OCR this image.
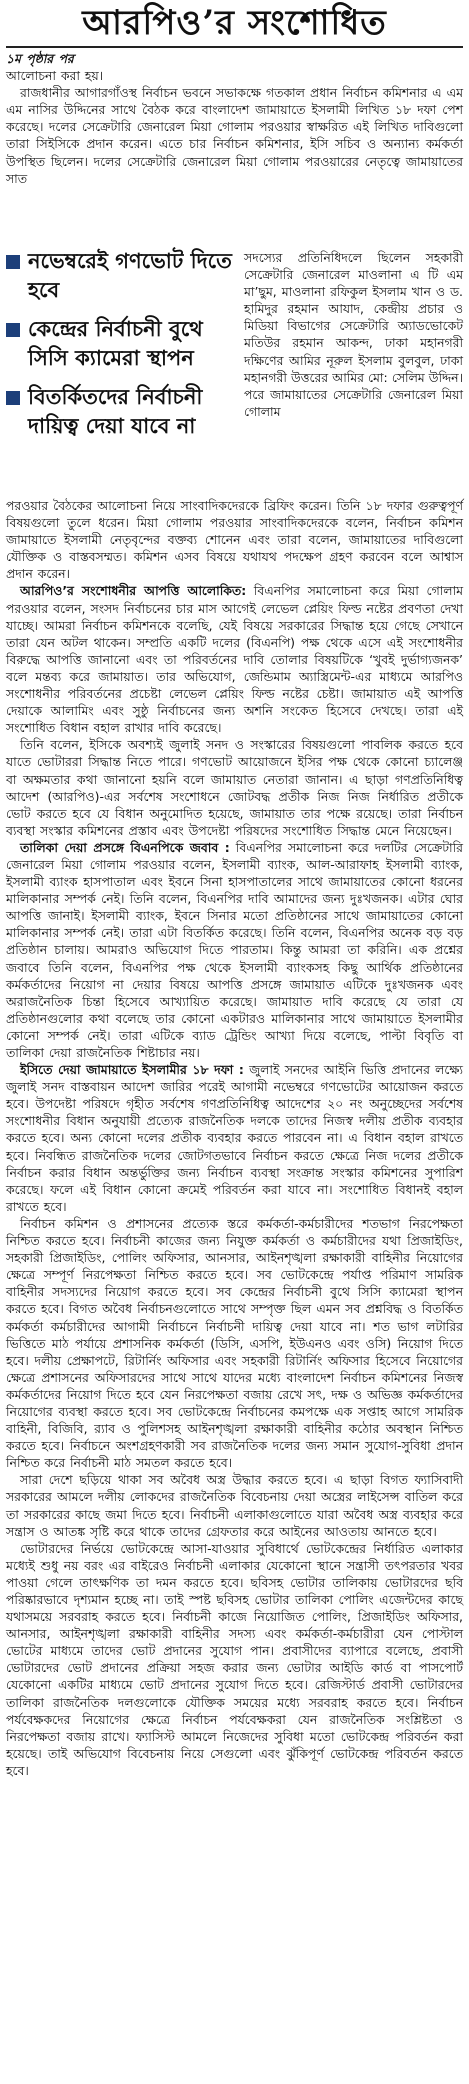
আরপিও’র সংশোধিত

১ম পৃষ্ঠার পর

আলোচনা করা হয়।

রাজধানীর আগারগাঁওস্থ নির্বাচন ভবনে সভাকক্ষে গতকাল প্রধান নির্বাচন কমিশনার এ এম এম নাসির উদ্দিনের সাথে বৈঠক করে বাংলাদেশ জামায়াতে ইসলামী লিখিত ১৮ দফা পেশ করেছে। দলের সেক্রেটারি জেনারেল মিয়া গোলাম পরওয়ার স্বাক্ষরিত এই লিখিত দাবিগুলো তারা সিইসিকে প্রদান করেন। এতে চার নির্বাচন কমিশনার, ইসি সচিব ও অন্যান্য কর্মকর্তা উপস্থিত ছিলেন। দলের সেক্রেটারি জেনারেল মিয়া গোলাম পরওয়ারের নেতৃত্বে জামায়াতের সাত

নভেম্বরেই গণভোট দিতে হবে
কেন্দ্রের নির্বাচনী বুথে সিসি ক্যামেরা স্থাপন
বিতর্কিতদের নির্বাচনী দায়িত্ব দেয়া যাবে না
সদস্যের প্রতিনিধিদলে ছিলেন সহকারী সেক্রেটারি জেনারেল মাওলানা এ টি এম মা’ছুম, মাওলানা রফিকুল ইসলাম খান ও ড. হামিদুর রহমান আযাদ, কেন্দ্রীয় প্রচার ও মিডিয়া বিভাগের সেক্রেটারি অ্যাডভোকেট মতিউর রহমান আকন্দ, ঢাকা মহানগরী দক্ষিণের আমির নূরুল ইসলাম বুলবুল, ঢাকা মহানগরী উত্তরের আমির মো: সেলিম উদ্দিন। পরে জামায়াতের সেক্রেটারি জেনারেল মিয়া গোলাম

পরওয়ার বৈঠকের আলোচনা নিয়ে সাংবাদিকদেরকে ব্রিফিং করেন। তিনি ১৮ দফার গুরুত্বপূর্ণ বিষয়গুলো তুলে ধরেন। মিয়া গোলাম পরওয়ার সাংবাদিকদেরকে বলেন, নির্বাচন কমিশন জামায়াতে ইসলামী নেতৃবৃন্দের বক্তব্য শোনেন এবং তারা বলেন, জামায়াতের দাবিগুলো যৌক্তিক ও বাস্তবসম্মত। কমিশন এসব বিষয়ে যথাযথ পদক্ষেপ গ্রহণ করবেন বলে আশ্বাস প্রদান করেন।

আরপিও’র সংশোধনীর আপত্তি আলোকিত: বিএনপির সমালোচনা করে মিয়া গোলাম পরওয়ার বলেন, সংসদ নির্বাচনের চার মাস আগেই লেভেল প্লেয়িং ফিল্ড নষ্টের প্রবণতা দেখা যাচ্ছে। আমরা নির্বাচন কমিশনকে বলেছি, যেই বিষয়ে সরকারের সিদ্ধান্ত হয়ে গেছে সেখানে তারা যেন অটল থাকেন। সম্প্রতি একটি দলের (বিএনপি) পক্ষ থেকে এসে এই সংশোধনীর বিরুদ্ধে আপত্তি জানানো এবং তা পরিবর্তনের দাবি তোলার বিষয়টিকে ‘খুবই দুর্ভাগ্যজনক’ বলে মন্তব্য করে জামায়াত। তার অভিযোগ, জেন্ডিমাম অ্যাস্ত্রিমেন্ট-এর মাধ্যমে আরপিও সংশোধনীর পরিবর্তনের প্রচেষ্টা লেভেল প্লেয়িং ফিল্ড নষ্টের চেষ্টা। জামায়াত এই আপত্তি দেয়াকে আলামিং এবং সুষ্ঠু নির্বাচনের জন্য অশনি সংকেত হিসেবে দেখছে। তারা এই সংশোধিত বিধান বহাল রাখার দাবি করেছে।

তিনি বলেন, ইসিকে অবশ্যই জুলাই সনদ ও সংস্কারের বিষয়গুলো পাবলিক করতে হবে যাতে ভোটাররা সিদ্ধান্ত নিতে পারে। গণভোট আয়োজনে ইসির পক্ষ থেকে কোনো চ্যালেঞ্জ বা অক্ষমতার কথা জানানো হয়নি বলে জামায়াত নেতারা জানান। এ ছাড়া গণপ্রতিনিধিত্ব আদেশ (আরপিও)-এর সর্বশেষ সংশোধনে জোটবদ্ধ প্রতীক নিজ নিজ নির্ধারিত প্রতীকে ভোট করতে হবে যে বিধান অনুমোদিত হয়েছে, জামায়াত তার পক্ষে রয়েছে। তারা নির্বাচন ব্যবস্থা সংস্কার কমিশনের প্রস্তাব এবং উপদেষ্টা পরিষদের সংশোধিত সিদ্ধান্ত মেনে নিয়েছেন।

তালিকা দেয়া প্রসঙ্গে বিএনপিকে জবাব : বিএনপির সমালোচনা করে দলটির সেক্রেটারি জেনারেল মিয়া গোলাম পরওয়ার বলেন, ইসলামী ব্যাংক, আল-আরাফাহ ইসলামী ব্যাংক, ইসলামী ব্যাংক হাসপাতাল এবং ইবনে সিনা হাসপাতালের সাথে জামায়াতের কোনো ধরনের মালিকানার সম্পর্ক নেই। তিনি বলেন, বিএনপির দাবি আমাদের জন্য দুঃখজনক। এটার ঘোর আপত্তি জানাই। ইসলামী ব্যাংক, ইবনে সিনার মতো প্রতিষ্ঠানের সাথে জামায়াতের কোনো মালিকানার সম্পর্ক নেই। তারা এটা বিতর্কিত করেছে। তিনি বলেন, বিএনপির অনেক বড় বড় প্রতিষ্ঠান চালায়। আমরাও অভিযোগ দিতে পারতাম। কিন্তু আমরা তা করিনি। এক প্রশ্নের জবাবে তিনি বলেন, বিএনপির পক্ষ থেকে ইসলামী ব্যাংকসহ কিছু আর্থিক প্রতিষ্ঠানের কর্মকর্তাদের নিয়োগ না দেয়ার বিষয়ে আপত্তি প্রসঙ্গে জামায়াত এটিকে দুঃখজনক এবং অরাজনৈতিক চিন্তা হিসেবে আখ্যায়িত করেছে। জামায়াত দাবি করেছে যে তারা যে প্রতিষ্ঠানগুলোর কথা বলেছে তার কোনো একটারও মালিকানার সাথে জামায়াতে ইসলামীর কোনো সম্পর্ক নেই। তারা এটিকে ব্যাড ট্রেন্ডিং আখ্যা দিয়ে বলেছে, পাল্টা বিবৃতি বা তালিকা দেয়া রাজনৈতিক শিষ্টাচার নয়।

ইসিতে দেয়া জামায়াতে ইসলামীর ১৮ দফা : জুলাই সনদের আইনি ভিত্তি প্রদানের লক্ষ্যে জুলাই সনদ বাস্তবায়ন আদেশ জারির পরেই আগামী নভেম্বরে গণভোটের আয়োজন করতে হবে। উপদেষ্টা পরিষদে গৃহীত সর্বশেষ গণপ্রতিনিধিত্ব আদেশের ২০ নং অনুচ্ছেদের সর্বশেষ সংশোধনীর বিধান অনুযায়ী প্রত্যেক রাজনৈতিক দলকে তাদের নিজস্ব দলীয় প্রতীক ব্যবহার করতে হবে। অন্য কোনো দলের প্রতীক ব্যবহার করতে পারবেন না। এ বিধান বহাল রাখতে হবে। নিবন্ধিত রাজনৈতিক দলের জোটগতভাবে নির্বাচন করতে ক্ষেত্রে নিজ দলের প্রতীকে নির্বাচন করার বিধান অন্তর্ভুক্তির জন্য নির্বাচন ব্যবস্থা সংক্রান্ত সংস্কার কমিশনের সুপারিশ করেছে। ফলে এই বিধান কোনো ক্রমেই পরিবর্তন করা যাবে না। সংশোধিত বিধানই বহাল রাখতে হবে।

নির্বাচন কমিশন ও প্রশাসনের প্রত্যেক স্তরে কর্মকর্তা-কর্মচারীদের শতভাগ নিরপেক্ষতা নিশ্চিত করতে হবে। নির্বাচনী কাজের জন্য নিযুক্ত কর্মকর্তা ও কর্মচারীদের যথা প্রিজাইডিং, সহকারী প্রিজাইডিং, পোলিং অফিসার, আনসার, আইনশৃঙ্খলা রক্ষাকারী বাহিনীর নিয়োগের ক্ষেত্রে সম্পূর্ণ নিরপেক্ষতা নিশ্চিত করতে হবে। সব ভোটকেন্দ্রে পর্যাপ্ত পরিমাণ সামরিক বাহিনীর সদস্যদের নিয়োগ করতে হবে। সব কেন্দ্রের নির্বাচনী বুথে সিসি ক্যামেরা স্থাপন করতে হবে। বিগত অবৈধ নির্বাচনগুলোতে সাথে সম্পৃক্ত ছিল এমন সব প্রশ্নবিদ্ধ ও বিতর্কিত কর্মকর্তা কর্মচারীদের আগামী নির্বাচনে নির্বাচনী দায়িত্ব দেয়া যাবে না। শত ভাগ লটারির ভিত্তিতে মাঠ পর্যায়ে প্রশাসনিক কর্মকর্তা (ডিসি, এসপি, ইউএনও এবং ওসি) নিয়োগ দিতে হবে। দলীয় প্রেক্ষাপটে, রিটার্নিং অফিসার এবং সহকারী রিটার্নিং অফিসার হিসেবে নিয়োগের ক্ষেত্রে প্রশাসনের অফিসারদের সাথে সাথে যাদের মধ্যে বাংলাদেশ নির্বাচন কমিশনের নিজস্ব কর্মকর্তাদের নিয়োগ দিতে হবে যেন নিরপেক্ষতা বজায় রেখে সৎ, দক্ষ ও অভিজ্ঞ কর্মকর্তাদের নিয়োগের ব্যবস্থা করতে হবে। সব ভোটকেন্দ্রে নির্বাচনের কমপক্ষে এক সপ্তাহ আগে সামরিক বাহিনী, বিজিবি, র‌্যাব ও পুলিশসহ আইনশৃঙ্খলা রক্ষাকারী বাহিনীর কঠোর অবস্থান নিশ্চিত করতে হবে। নির্বাচনে অংশগ্রহণকারী সব রাজনৈতিক দলের জন্য সমান সুযোগ-সুবিধা প্রদান নিশ্চিত করে নির্বাচনী মাঠ সমতল করতে হবে।

সারা দেশে ছড়িয়ে থাকা সব অবৈধ অস্ত্র উদ্ধার করতে হবে। এ ছাড়া বিগত ফ্যাসিবাদী সরকারের আমলে দলীয় লোকদের রাজনৈতিক বিবেচনায় দেয়া অস্ত্রের লাইসেন্স বাতিল করে তা সরকারের কাছে জমা দিতে হবে। নির্বাচনী এলাকাগুলোতে যারা অবৈধ অস্ত্র ব্যবহার করে সন্ত্রাস ও আতঙ্ক সৃষ্টি করে থাকে তাদের গ্রেফতার করে আইনের আওতায় আনতে হবে।

ভোটারদের নির্ভয়ে ভোটকেন্দ্রে আসা-যাওয়ার সুবিধার্থে ভোটকেন্দ্রের নির্ধারিত এলাকার মধ্যেই শুধু নয় বরং এর বাইরেও নির্বাচনী এলাকার যেকোনো স্থানে সন্ত্রাসী তৎপরতার খবর পাওয়া গেলে তাৎক্ষণিক তা দমন করতে হবে। ছবিসহ ভোটার তালিকায় ভোটারদের ছবি পরিষ্কারভাবে দৃশ্যমান হচ্ছে না। তাই স্পষ্ট ছবিসহ ভোটার তালিকা পোলিং এজেন্টদের কাছে যথাসময়ে সরবরাহ করতে হবে। নির্বাচনী কাজে নিয়োজিত পোলিং, প্রিজাইডিং অফিসার, আনসার, আইনশৃঙ্খলা রক্ষাকারী বাহিনীর সদস্য এবং কর্মকর্তা-কর্মচারীরা যেন পোস্টাল ভোটের মাধ্যমে তাদের ভোট প্রদানের সুযোগ পান। প্রবাসীদের ব্যাপারে বলেছে, প্রবাসী ভোটারদের ভোট প্রদানের প্রক্রিয়া সহজ করার জন্য ভোটার আইডি কার্ড বা পাসপোর্ট যেকোনো একটির মাধ্যমে ভোট প্রদানের সুযোগ দিতে হবে। রেজিস্টার্ড প্রবাসী ভোটারদের তালিকা রাজনৈতিক দলগুলোকে যৌক্তিক সময়ের মধ্যে সরবরাহ করতে হবে। নির্বাচন পর্যবেক্ষকদের নিয়োগের ক্ষেত্রে নির্বাচন পর্যবেক্ষকরা যেন রাজনৈতিক সংশ্লিষ্টতা ও নিরপেক্ষতা বজায় রাখে। ফ্যাসিস্ট আমলে নিজেদের সুবিধা মতো ভোটকেন্দ্র পরিবর্তন করা হয়েছে। তাই অভিযোগ বিবেচনায় নিয়ে সেগুলো এবং ঝুঁকিপূর্ণ ভোটকেন্দ্র পরিবর্তন করতে হবে।
